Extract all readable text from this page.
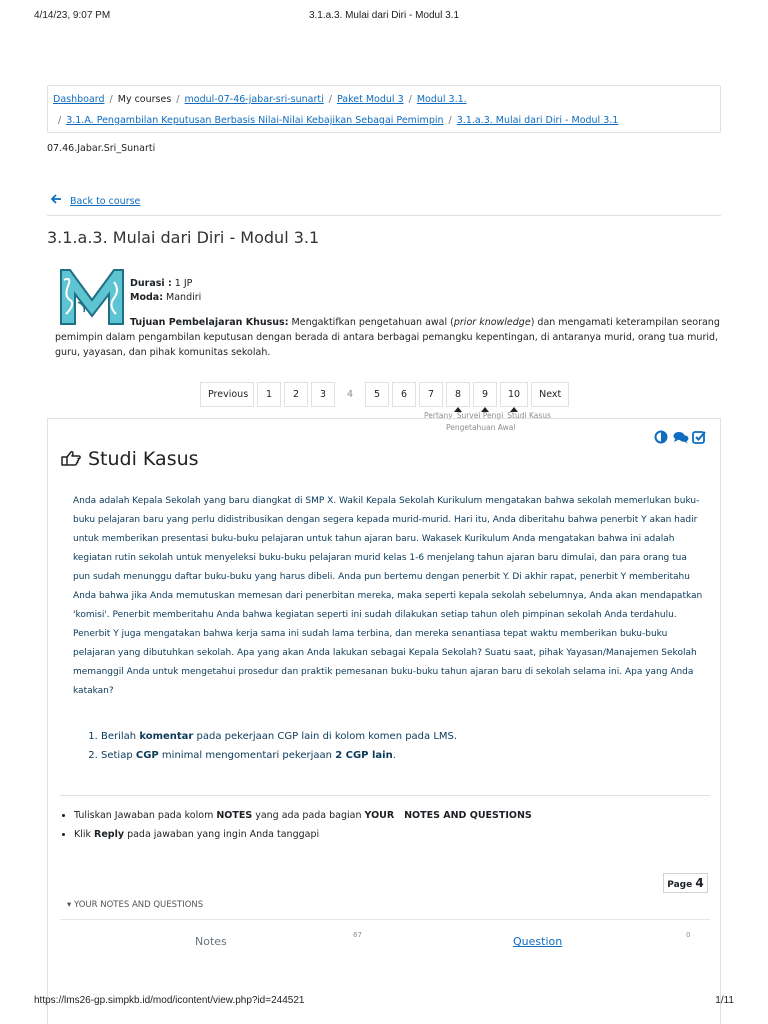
4/14/23, 9:07 PM	3.1.a.3. Mulai dari Diri - Modul 3.1
Dashboard / My courses / modul-07-46-jabar-sri-sunarti / Paket Modul 3 / Modul 3.1.
/ 3.1.A. Pengambilan Keputusan Berbasis Nilai-Nilai Kebajikan Sebagai Pemimpin / 3.1.a.3. Mulai dari Diri - Modul 3.1
07.46.Jabar.Sri_Sunarti
Back to course
3.1.a.3. Mulai dari Diri - Modul 3.1
Durasi : 1 JP
Moda: Mandiri
Tujuan Pembelajaran Khusus: Mengaktifkan pengetahuan awal (prior knowledge) dan mengamati keterampilan seorang pemimpin dalam pengambilan keputusan dengan berada di antara berbagai pemangku kepentingan, di antaranya murid, orang tua murid, guru, yayasan, dan pihak komunitas sekolah.
Previous	1	2	3	4	5	6	7	8	9	10	Next
Pertany Survei Pengi Studi Kasus
Pengetahuan Awal
Studi Kasus
Anda adalah Kepala Sekolah yang baru diangkat di SMP X. Wakil Kepala Sekolah Kurikulum mengatakan bahwa sekolah memerlukan buku-buku pelajaran baru yang perlu didistribusikan dengan segera kepada murid-murid. Hari itu, Anda diberitahu bahwa penerbit Y akan hadir untuk memberikan presentasi buku-buku pelajaran untuk tahun ajaran baru. Wakasek Kurikulum Anda mengatakan bahwa ini adalah kegiatan rutin sekolah untuk menyeleksi buku-buku pelajaran murid kelas 1-6 menjelang tahun ajaran baru dimulai, dan para orang tua pun sudah menunggu daftar buku-buku yang harus dibeli. Anda pun bertemu dengan penerbit Y. Di akhir rapat, penerbit Y memberitahu Anda bahwa jika Anda memutuskan memesan dari penerbitan mereka, maka seperti kepala sekolah sebelumnya, Anda akan mendapatkan 'komisi'. Penerbit memberitahu Anda bahwa kegiatan seperti ini sudah dilakukan setiap tahun oleh pimpinan sekolah Anda terdahulu. Penerbit Y juga mengatakan bahwa kerja sama ini sudah lama terbina, dan mereka senantiasa tepat waktu memberikan buku-buku pelajaran yang dibutuhkan sekolah. Apa yang akan Anda lakukan sebagai Kepala Sekolah? Suatu saat, pihak Yayasan/Manajemen Sekolah memanggil Anda untuk mengetahui prosedur dan praktik pemesanan buku-buku tahun ajaran baru di sekolah selama ini. Apa yang Anda katakan?
1. Berilah komentar pada pekerjaan CGP lain di kolom komen pada LMS.
2. Setiap CGP minimal mengomentari pekerjaan 2 CGP lain.
• Tuliskan Jawaban pada kolom NOTES yang ada pada bagian YOUR   NOTES AND QUESTIONS
• Klik Reply pada jawaban yang ingin Anda tanggapi
Page 4
▾ YOUR NOTES AND QUESTIONS
Notes	67	Question	0
https://lms26-gp.simpkb.id/mod/icontent/view.php?id=244521	1/11
